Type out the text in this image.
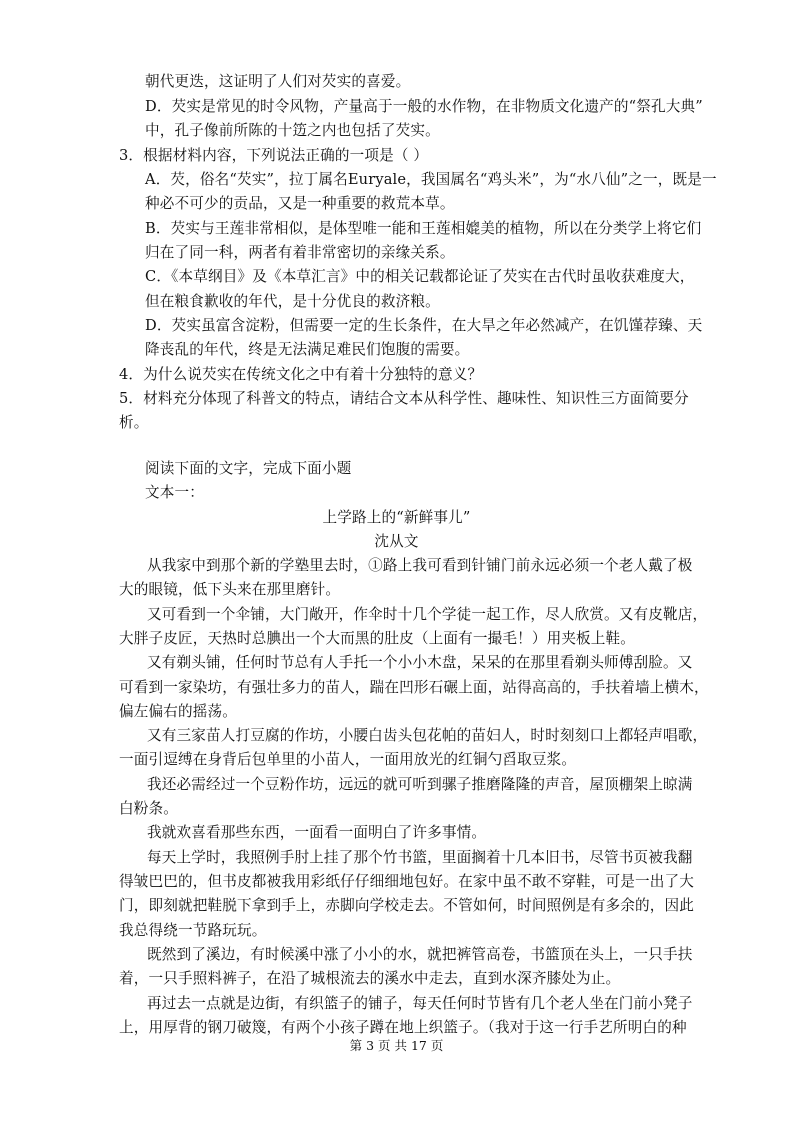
朝代更迭，这证明了人们对芡实的喜爱。
D．芡实是常见的时令风物，产量高于一般的水作物，在非物质文化遗产的“祭孔大典”
中，孔子像前所陈的十笾之内也包括了芡实。
3．根据材料内容，下列说法正确的一项是（ ）
A．芡，俗名“芡实”，拉丁属名Euryale，我国属名“鸡头米”，为“水八仙”之一，既是一
种必不可少的贡品，又是一种重要的救荒本草。
B．芡实与王莲非常相似，是体型唯一能和王莲相媲美的植物，所以在分类学上将它们
归在了同一科，两者有着非常密切的亲缘关系。
C．《本草纲目》及《本草汇言》中的相关记载都论证了芡实在古代时虽收获难度大，
但在粮食歉收的年代，是十分优良的救济粮。
D．芡实虽富含淀粉，但需要一定的生长条件，在大旱之年必然减产，在饥馑荐臻、天
降丧乱的年代，终是无法满足难民们饱腹的需要。
4．为什么说芡实在传统文化之中有着十分独特的意义？
5．材料充分体现了科普文的特点，请结合文本从科学性、趣味性、知识性三方面简要分
析。
阅读下面的文字，完成下面小题
文本一：
上学路上的“新鲜事儿”
沈从文
从我家中到那个新的学塾里去时，①路上我可看到针铺门前永远必须一个老人戴了极
大的眼镜，低下头来在那里磨针。
又可看到一个伞铺，大门敞开，作伞时十几个学徒一起工作，尽人欣赏。又有皮靴店，
大胖子皮匠，天热时总腆出一个大而黑的肚皮（上面有一撮毛！）用夹板上鞋。
又有剃头铺，任何时节总有人手托一个小小木盘，呆呆的在那里看剃头师傅刮脸。又
可看到一家染坊，有强壮多力的苗人，踹在凹形石碾上面，站得高高的，手扶着墙上横木，
偏左偏右的摇荡。
又有三家苗人打豆腐的作坊，小腰白齿头包花帕的苗妇人，时时刻刻口上都轻声唱歌，
一面引逗缚在身背后包单里的小苗人，一面用放光的红铜勺舀取豆浆。
我还必需经过一个豆粉作坊，远远的就可听到骡子推磨隆隆的声音，屋顶棚架上晾满
白粉条。
我就欢喜看那些东西，一面看一面明白了许多事情。
每天上学时，我照例手肘上挂了那个竹书篮，里面搁着十几本旧书，尽管书页被我翻
得皱巴巴的，但书皮都被我用彩纸仔仔细细地包好。在家中虽不敢不穿鞋，可是一出了大
门，即刻就把鞋脱下拿到手上，赤脚向学校走去。不管如何，时间照例是有多余的，因此
我总得绕一节路玩玩。
既然到了溪边，有时候溪中涨了小小的水，就把裤管高卷，书篮顶在头上，一只手扶
着，一只手照料裤子，在沿了城根流去的溪水中走去，直到水深齐膝处为止。
再过去一点就是边街，有织篮子的铺子，每天任何时节皆有几个老人坐在门前小凳子
上，用厚背的钢刀破篾，有两个小孩子蹲在地上织篮子。（我对于这一行手艺所明白的种
第 3 页 共 17 页
